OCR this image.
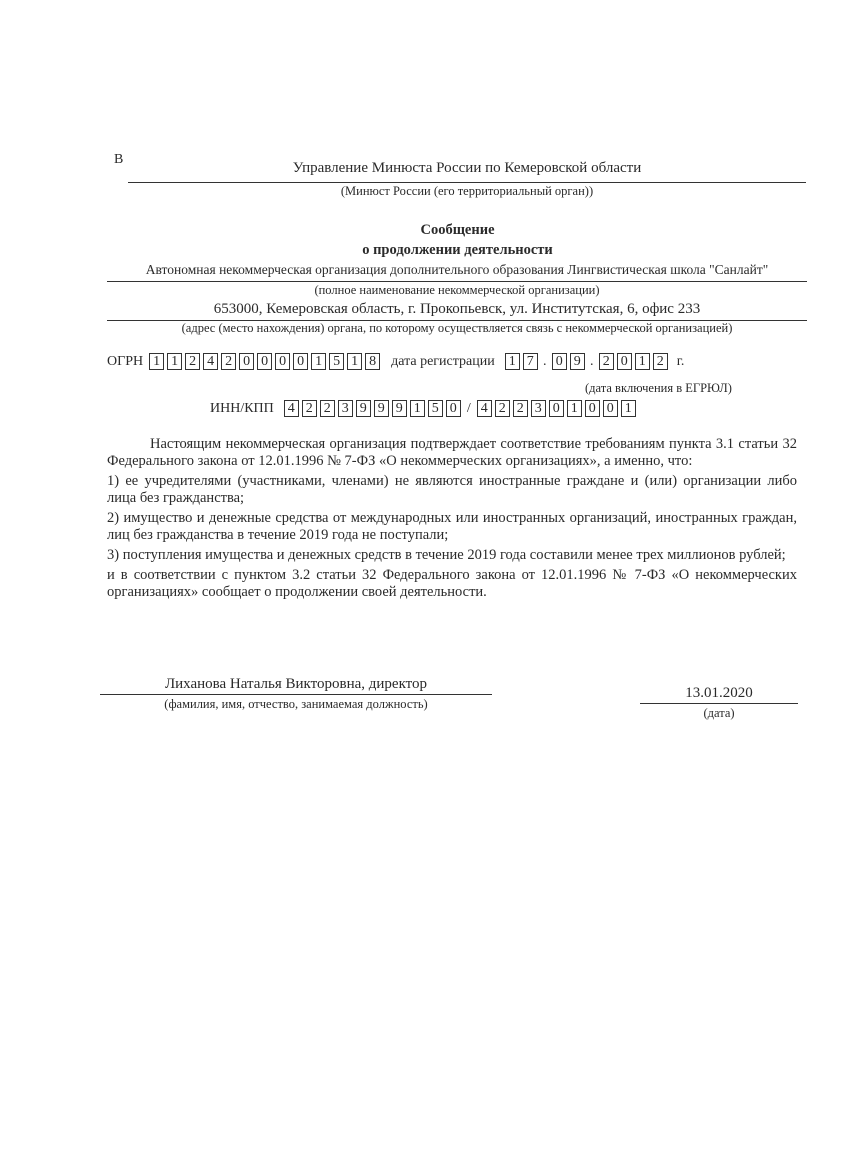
В
Управление Минюста России по Кемеровской области
(Минюст России (его территориальный орган))
Сообщение
о продолжении деятельности
Автономная некоммерческая организация дополнительного образования Лингвистическая школа "Санлайт"
(полное наименование некоммерческой организации)
653000, Кемеровская область, г. Прокопьевск, ул. Институтская, 6, офис 233
(адрес (место нахождения) органа, по которому осуществляется связь с некоммерческой организацией)
ОГРН 1 1 2 4 2 0 0 0 0 1 5 1 8 дата регистрации 1 7 . 0 9 . 2 0 1 2 г.
(дата включения в ЕГРЮЛ)
ИНН/КПП 4 2 2 3 9 9 9 1 5 0 / 4 2 2 3 0 1 0 0 1

Настоящим некоммерческая организация подтверждает соответствие требованиям пункта 3.1 статьи 32 Федерального закона от 12.01.1996 № 7-ФЗ «О некоммерческих организациях», а именно, что:

1) ее учредителями (участниками, членами) не являются иностранные граждане и (или) организации либо лица без гражданства;

2) имущество и денежные средства от международных или иностранных организаций, иностранных граждан, лиц без гражданства в течение 2019 года не поступали;

3) поступления имущества и денежных средств в течение 2019 года составили менее трех миллионов рублей;

и в соответствии с пунктом 3.2 статьи 32 Федерального закона от 12.01.1996 № 7-ФЗ «О некоммерческих организациях» сообщает о продолжении своей деятельности.

Лиханова Наталья Викторовна, директор
(фамилия, имя, отчество, занимаемая должность)
13.01.2020
(дата)
